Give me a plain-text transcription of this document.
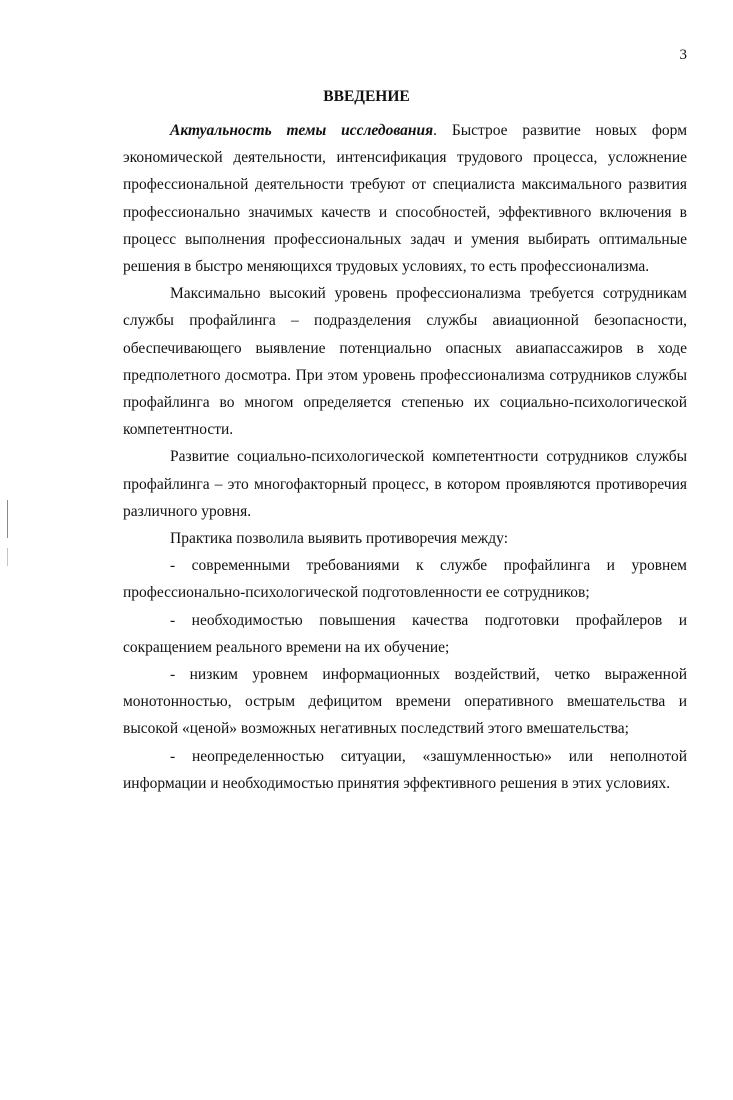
3
ВВЕДЕНИЕ

Актуальность темы исследования. Быстрое развитие новых форм экономической деятельности, интенсификация трудового процесса, усложнение профессиональной деятельности требуют от специалиста максимального развития профессионально значимых качеств и способностей, эффективного включения в процесс выполнения профессиональных задач и умения выбирать оптимальные решения в быстро меняющихся трудовых условиях, то есть профессионализма.

Максимально высокий уровень профессионализма требуется сотрудникам службы профайлинга – подразделения службы авиационной безопасности, обеспечивающего выявление потенциально опасных авиапассажиров в ходе предполетного досмотра. При этом уровень профессионализма сотрудников службы профайлинга во многом определяется степенью их социально-психологической компетентности.

Развитие социально-психологической компетентности сотрудников службы профайлинга – это многофакторный процесс, в котором проявляются противоречия различного уровня.

Практика позволила выявить противоречия между:

- современными требованиями к службе профайлинга и уровнем профессионально-психологической подготовленности ее сотрудников;

- необходимостью повышения качества подготовки профайлеров и сокращением реального времени на их обучение;

- низким уровнем информационных воздействий, четко выраженной монотонностью, острым дефицитом времени оперативного вмешательства и высокой «ценой» возможных негативных последствий этого вмешательства;

- неопределенностью ситуации, «зашумленностью» или неполнотой информации и необходимостью принятия эффективного решения в этих условиях.
